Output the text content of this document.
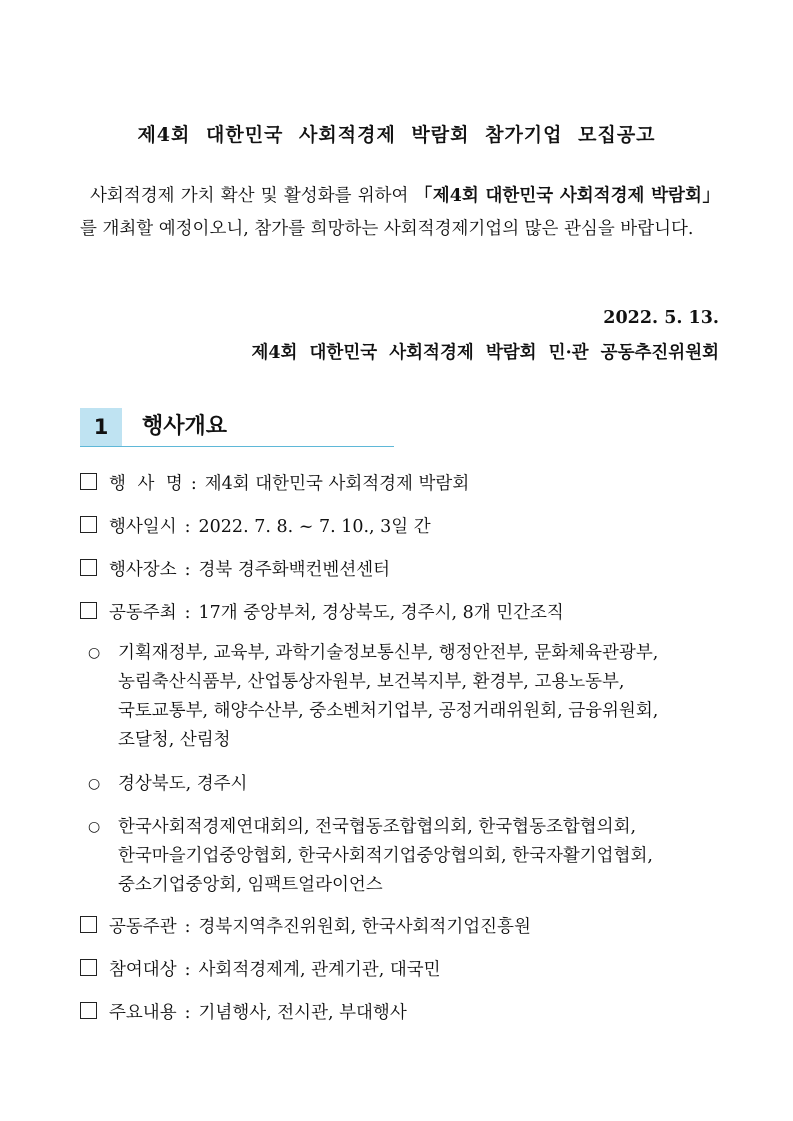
제4회 대한민국 사회적경제 박람회 참가기업 모집공고
사회적경제 가치 확산 및 활성화를 위하여 「제4회 대한민국 사회적경제 박람회」를 개최할 예정이오니, 참가를 희망하는 사회적경제기업의 많은 관심을 바랍니다.
2022. 5. 13.
제4회 대한민국 사회적경제 박람회 민·관 공동추진위원회
1	행사개요
행 사 명 : 제4회 대한민국 사회적경제 박람회
행사일시 : 2022. 7. 8. ~ 7. 10., 3일 간
행사장소 : 경북 경주화백컨벤션센터
공동주최 : 17개 중앙부처, 경상북도, 경주시, 8개 민간조직
○ 기획재정부, 교육부, 과학기술정보통신부, 행정안전부, 문화체육관광부,
농림축산식품부, 산업통상자원부, 보건복지부, 환경부, 고용노동부,
국토교통부, 해양수산부, 중소벤처기업부, 공정거래위원회, 금융위원회,
조달청, 산림청
○ 경상북도, 경주시
○ 한국사회적경제연대회의, 전국협동조합협의회, 한국협동조합협의회,
한국마을기업중앙협회, 한국사회적기업중앙협의회, 한국자활기업협회,
중소기업중앙회, 임팩트얼라이언스
공동주관 : 경북지역추진위원회, 한국사회적기업진흥원
참여대상 : 사회적경제계, 관계기관, 대국민
주요내용 : 기념행사, 전시관, 부대행사
